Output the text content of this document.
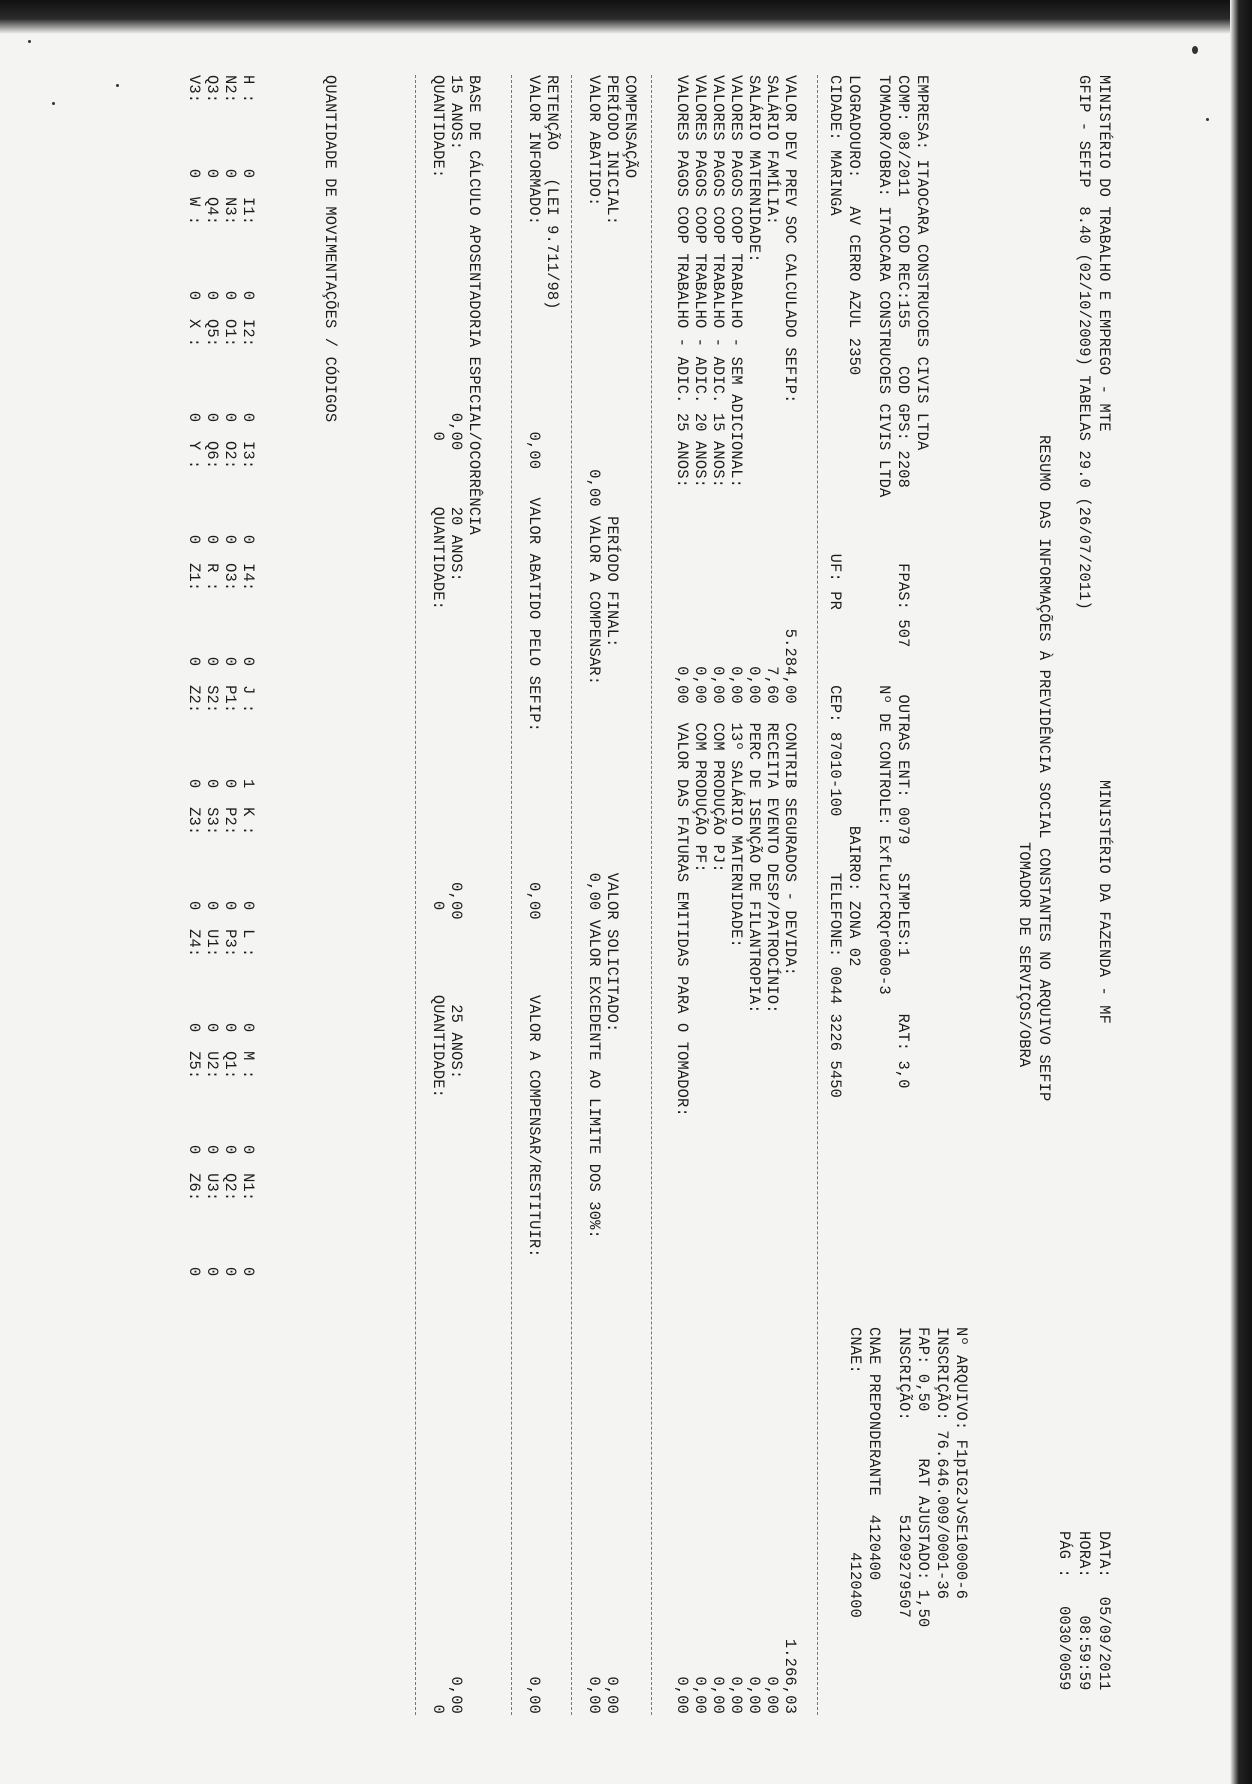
MINISTÉRIO DO TRABALHO E EMPREGO - MTE
GFIP - SEFIP  8.40 (02/10/2009) TABELAS 29.0 (26/07/2011)
MINISTÉRIO DA FAZENDA - MF
DATA:  05/09/2011
HORA:    08:59:59
PÁG :   0030/0059
RESUMO DAS INFORMAÇÕES À PREVIDÊNCIA SOCIAL CONSTANTES NO ARQUIVO SEFIP
TOMADOR DE SERVIÇOS/OBRA
EMPRESA: ITAOCARA CONSTRUCOES CIVIS LTDA
COMP: 08/2011   COD REC:155    COD GPS: 2208        FPAS: 507     OUTRAS ENT: 0079   SIMPLES:1      RAT: 3,0
TOMADOR/OBRA: ITAOCARA CONSTRUCOES CIVIS LTDA                    Nº DE CONTROLE: ExfLu2rCRQr0000-3
LOGRADOURO:   AV CERRO AZUL 2350                                                BAIRRO: ZONA 02
CIDADE: MARINGA                                    UF: PR        CEP: 87010-100      TELEFONE: 0044 3226 5450
Nº ARQUIVO: F1pIG2JvSE10000-6
INSCRIÇÃO: 76.646.009/0001-36
FAP: 0,50     RAT AJUSTADO: 1,50
INSCRIÇÃO:          51209279507
CNAE PREPONDERANTE  4120400
CNAE:                   4120400
VALOR DEV PREV SOC CALCULADO SEFIP:                        5.284,00  CONTRIB SEGURADOS - DEVIDA:
SALÁRIO FAMÍLIA:                                               7,60  RECEITA EVENTO DESP/PATROCÍNIO:
SALÁRIO MATERNIDADE:                                           0,00  PERC DE ISENÇÃO DE FILANTROPIA:
VALORES PAGOS COOP TRABALHO - SEM ADICIONAL:                   0,00  13º SALÁRIO MATERNIDADE:
VALORES PAGOS COOP TRABALHO - ADIC. 15 ANOS:                   0,00  COM PRODUÇÃO PJ:
VALORES PAGOS COOP TRABALHO - ADIC. 20 ANOS:                   0,00  COM PRODUÇÃO PF:
VALORES PAGOS COOP TRABALHO - ADIC. 25 ANOS:                   0,00  VALOR DAS FATURAS EMITIDAS PARA O TOMADOR:
1.266,03
0,00
0,00
0,00
0,00
0,00
0,00
COMPENSAÇÃO
PERÍODO INICIAL:                               PERÍODO FINAL:                        VALOR SOLICITADO:
VALOR ABATIDO:                            0,00 VALOR A COMPENSAR:                    0,00 VALOR EXCEDENTE AO LIMITE DOS 30%:
0,00
0,00
RETENÇÃO   (LEI 9.711/98)
VALOR INFORMADO:                      0,00   VALOR ABATIDO PELO SEFIP:                0,00        VALOR A COMPENSAR/RESTITUIR:
0,00
BASE DE CÁLCULO APOSENTADORIA ESPECIAL/OCORRÊNCIA
15 ANOS:                            0,00      20 ANOS:                                0,00         25 ANOS:
QUANTIDADE:                           0       QUANTIDADE:                               0         QUANTIDADE:
0,00
0
QUANTIDADE DE MOVIMENTAÇÕES / CÓDIGOS
H :       0  I1:       0  I2:       0  I3:       0  I4:       0  J :       1  K :       0  L :       0  M :       0  N1:       0
N2:       0  N3:       0  O1:       0  O2:       0  O3:       0  P1:       0  P2:       0  P3:       0  Q1:       0  Q2:       0
Q3:       0  Q4:       0  Q5:       0  Q6:       0  R :       0  S2:       0  S3:       0  U1:       0  U2:       0  U3:       0
V3:       0  W :       0  X :       0  Y :       0  Z1:       0  Z2:       0  Z3:       0  Z4:       0  Z5:       0  Z6:       0
